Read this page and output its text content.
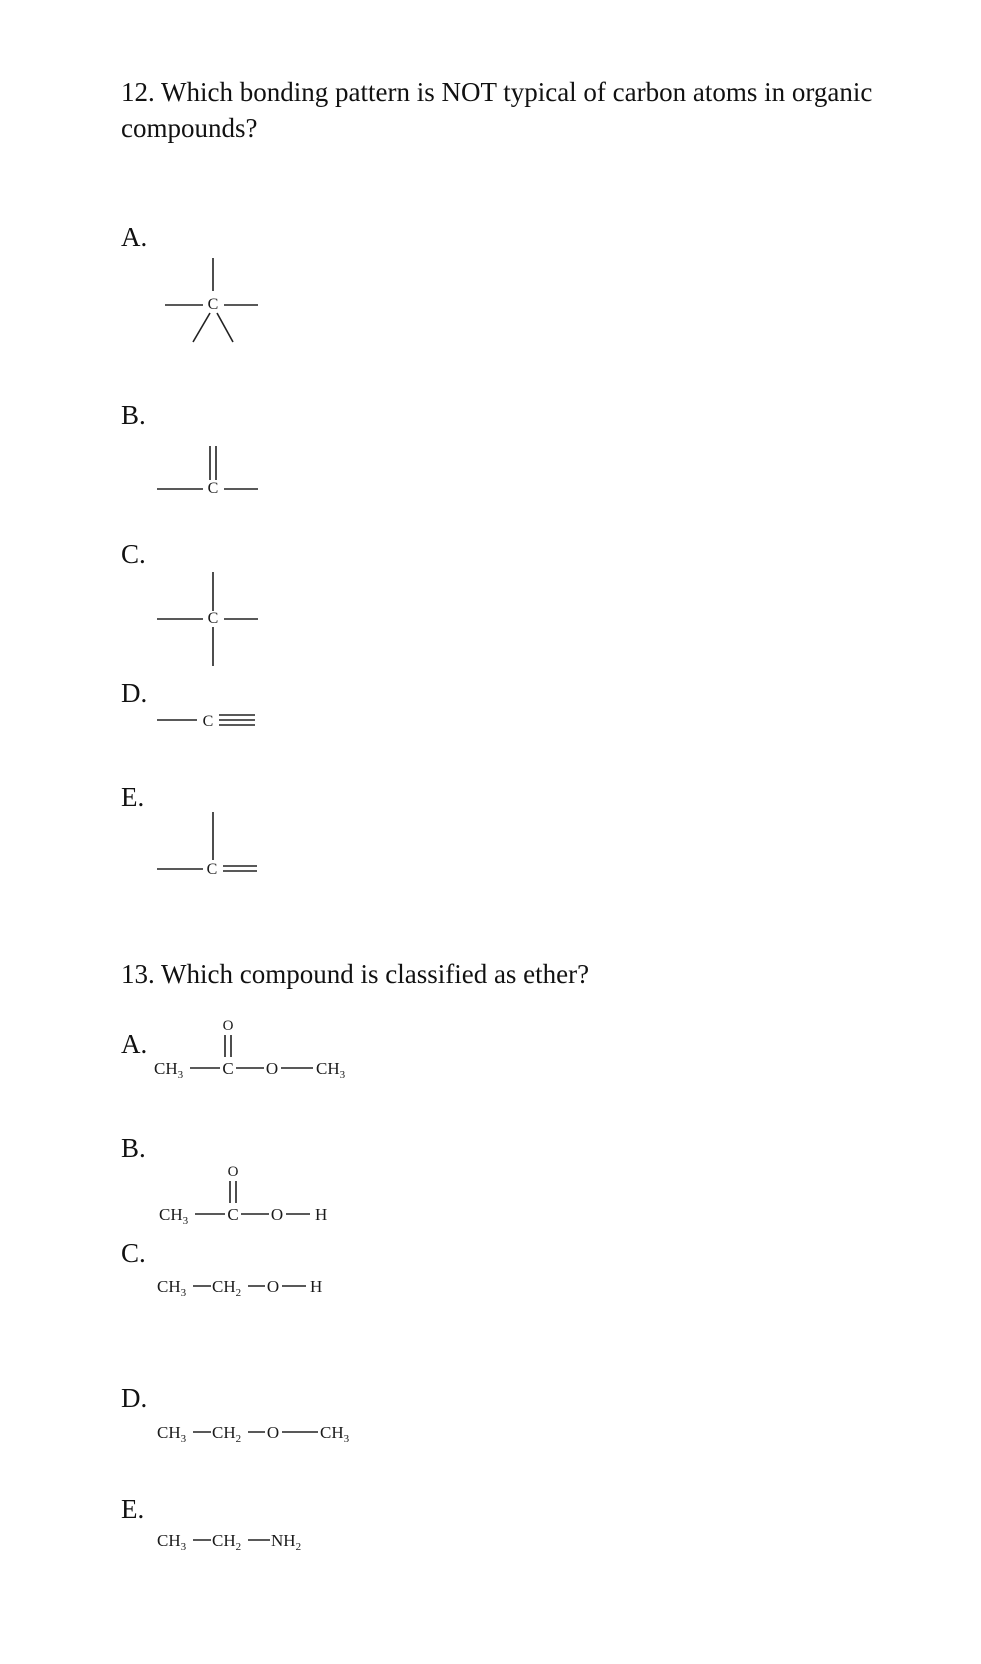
12. Which bonding pattern is NOT typical of carbon atoms in organic compounds?

A.
C
B.
C
C.
C
D.
C
E.
C

13. Which compound is classified as ether?

A.
$CH_3$
O
C O $CH_3$
B.
$CH_3$
O
C O H
C.
$CH_3$ $CH_2$ O H
D.
$CH_3$ $CH_2$ O $CH_3$
E.
$CH_3$ $CH_2$ $NH_2$
